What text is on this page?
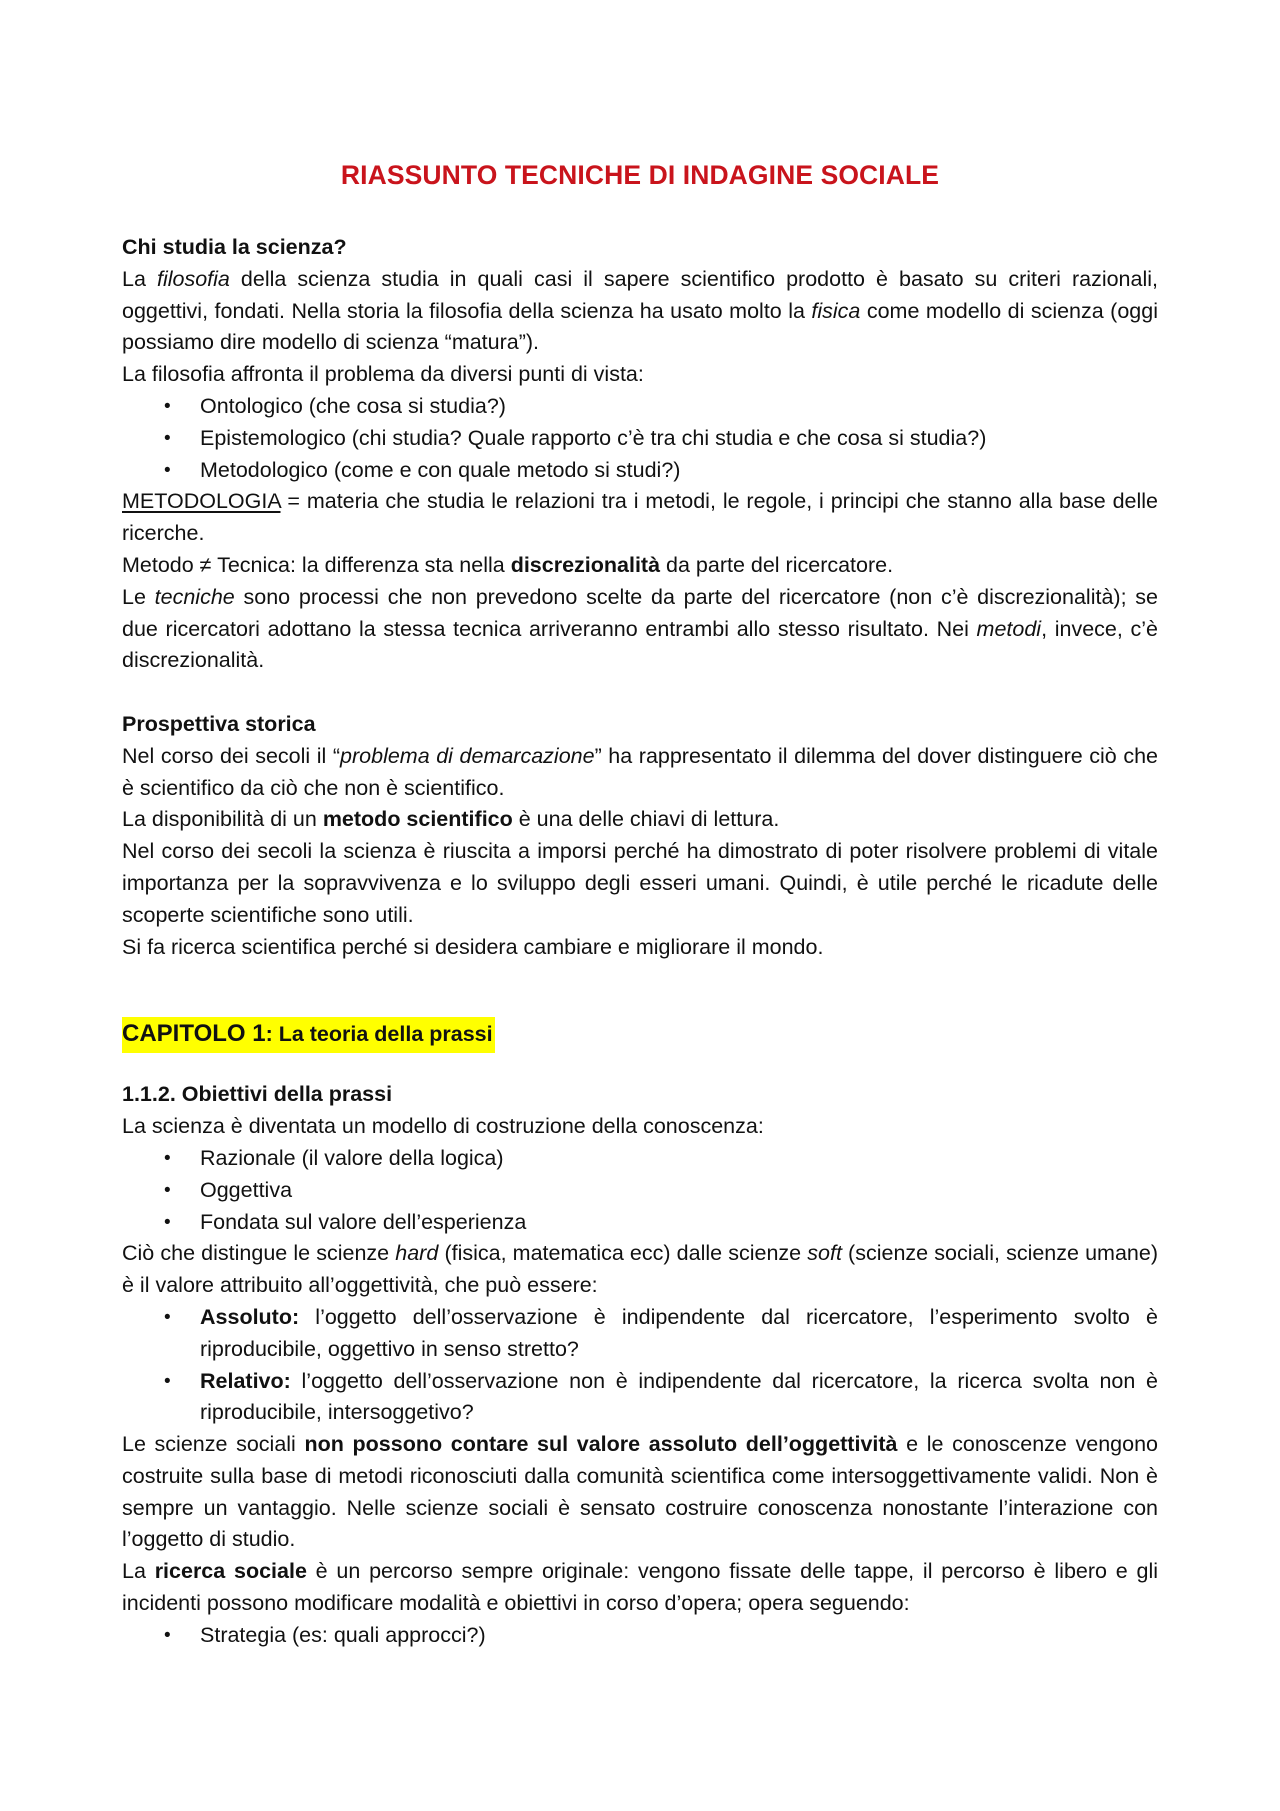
RIASSUNTO TECNICHE DI INDAGINE SOCIALE

Chi studia la scienza?

La filosofia della scienza studia in quali casi il sapere scientifico prodotto è basato su criteri razionali, oggettivi, fondati. Nella storia la filosofia della scienza ha usato molto la fisica come modello di scienza (oggi possiamo dire modello di scienza “matura”).

La filosofia affronta il problema da diversi punti di vista:

• Ontologico (che cosa si studia?)
• Epistemologico (chi studia? Quale rapporto c’è tra chi studia e che cosa si studia?)
• Metodologico (come e con quale metodo si studi?)

METODOLOGIA = materia che studia le relazioni tra i metodi, le regole, i principi che stanno alla base delle ricerche.

Metodo ≠ Tecnica: la differenza sta nella discrezionalità da parte del ricercatore.

Le tecniche sono processi che non prevedono scelte da parte del ricercatore (non c’è discrezionalità); se due ricercatori adottano la stessa tecnica arriveranno entrambi allo stesso risultato. Nei metodi, invece, c’è discrezionalità.

Prospettiva storica

Nel corso dei secoli il “problema di demarcazione” ha rappresentato il dilemma del dover distinguere ciò che è scientifico da ciò che non è scientifico.

La disponibilità di un metodo scientifico è una delle chiavi di lettura.

Nel corso dei secoli la scienza è riuscita a imporsi perché ha dimostrato di poter risolvere problemi di vitale importanza per la sopravvivenza e lo sviluppo degli esseri umani. Quindi, è utile perché le ricadute delle scoperte scientifiche sono utili.

Si fa ricerca scientifica perché si desidera cambiare e migliorare il mondo.

CAPITOLO 1: La teoria della prassi

1.1.2. Obiettivi della prassi

La scienza è diventata un modello di costruzione della conoscenza:

• Razionale (il valore della logica)
• Oggettiva
• Fondata sul valore dell’esperienza

Ciò che distingue le scienze hard (fisica, matematica ecc) dalle scienze soft (scienze sociali, scienze umane) è il valore attribuito all’oggettività, che può essere:

• Assoluto: l’oggetto dell’osservazione è indipendente dal ricercatore, l’esperimento svolto è riproducibile, oggettivo in senso stretto?
• Relativo: l’oggetto dell’osservazione non è indipendente dal ricercatore, la ricerca svolta non è riproducibile, intersoggetivo?

Le scienze sociali non possono contare sul valore assoluto dell’oggettività e le conoscenze vengono costruite sulla base di metodi riconosciuti dalla comunità scientifica come intersoggettivamente validi. Non è sempre un vantaggio. Nelle scienze sociali è sensato costruire conoscenza nonostante l’interazione con l’oggetto di studio.

La ricerca sociale è un percorso sempre originale: vengono fissate delle tappe, il percorso è libero e gli incidenti possono modificare modalità e obiettivi in corso d’opera; opera seguendo:

• Strategia (es: quali approcci?)
